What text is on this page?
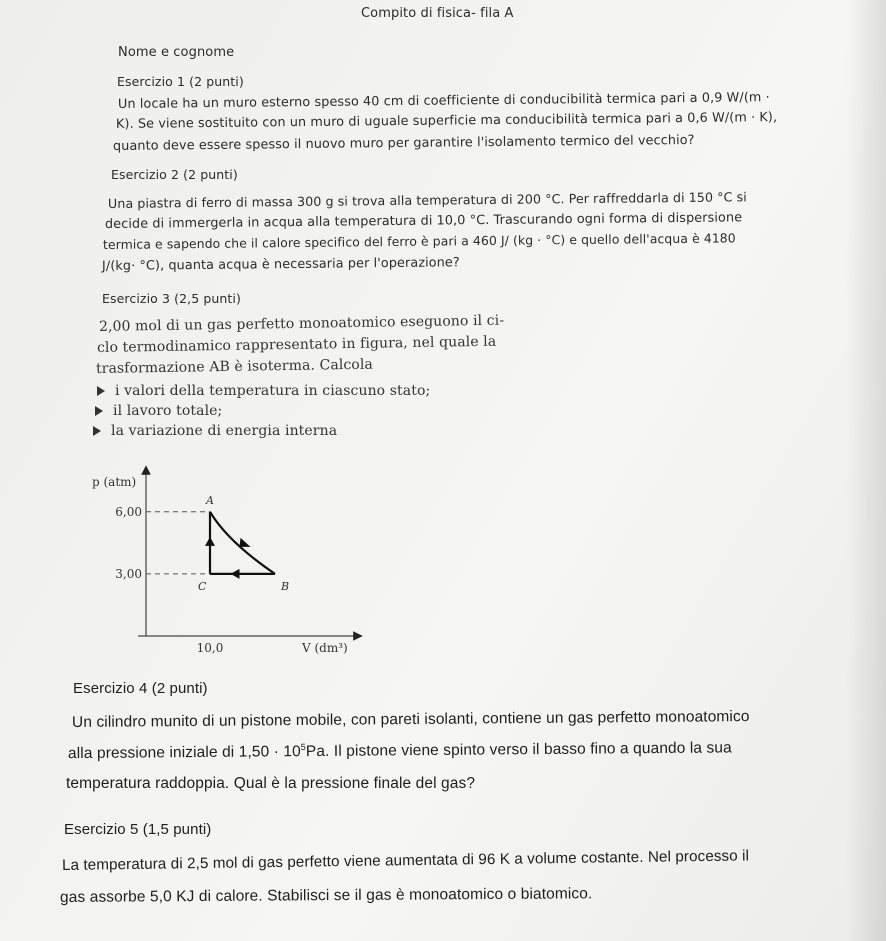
Compito di fisica- fila A
Nome e cognome
Esercizio 1 (2 punti)
Un locale ha un muro esterno spesso 40 cm di coefficiente di conducibilità termica pari a 0,9 W/(m ·
K). Se viene sostituito con un muro di uguale superficie ma conducibilità termica pari a 0,6 W/(m · K),
quanto deve essere spesso il nuovo muro per garantire l'isolamento termico del vecchio?
Esercizio 2 (2 punti)
Una piastra di ferro di massa 300 g si trova alla temperatura di 200 °C. Per raffreddarla di 150 °C si
decide di immergerla in acqua alla temperatura di 10,0 °C. Trascurando ogni forma di dispersione
termica e sapendo che il calore specifico del ferro è pari a 460 J/ (kg · °C) e quello dell'acqua è 4180
J/(kg· °C), quanta acqua è necessaria per l'operazione?
Esercizio 3 (2,5 punti)
2,00 mol di un gas perfetto monoatomico eseguono il ci-
clo termodinamico rappresentato in figura, nel quale la
trasformazione AB è isoterma. Calcola
i valori della temperatura in ciascuno stato;
il lavoro totale;
la variazione di energia interna
6,00
3,00
10,0
A
B
C
p (atm)
V (dm³)
Esercizio 4 (2 punti)
Un cilindro munito di un pistone mobile, con pareti isolanti, contiene un gas perfetto monoatomico
alla pressione iniziale di $1,50 \cdot 10^5Pa$. Il pistone viene spinto verso il basso fino a quando la sua
temperatura raddoppia. Qual è la pressione finale del gas?
Esercizio 5 (1,5 punti)
La temperatura di 2,5 mol di gas perfetto viene aumentata di 96 K a volume costante. Nel processo il
gas assorbe 5,0 KJ di calore. Stabilisci se il gas è monoatomico o biatomico.
